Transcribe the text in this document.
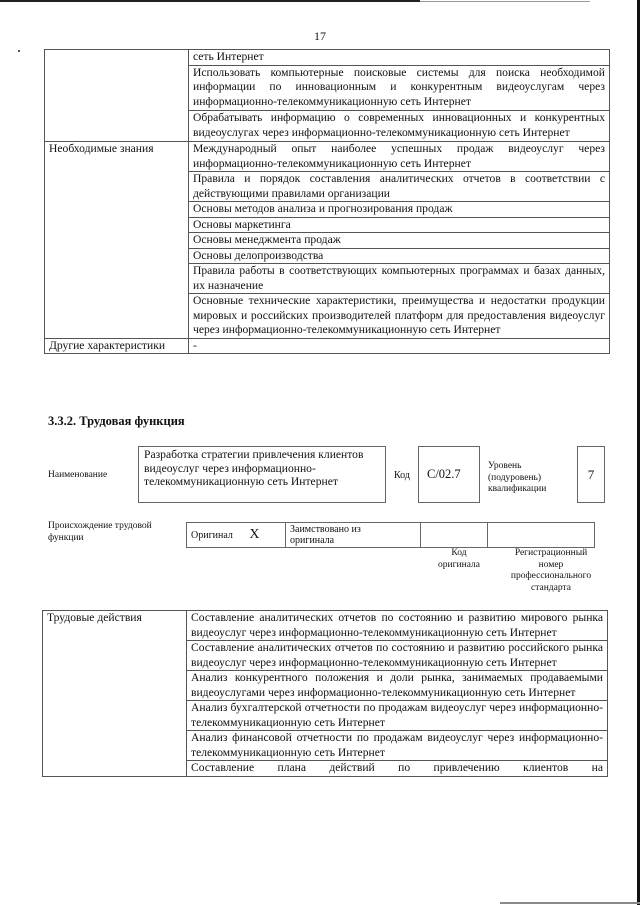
17
	сеть Интернет
	Использовать компьютерные поисковые системы для поиска необходимой информации по инновационным и конкурентным видеоуслугам через информационно-телекоммуникационную сеть Интернет
	Обрабатывать информацию о современных инновационных и конкурентных видеоуслугах через информационно-телекоммуникационную сеть Интернет
Необходимые знания	Международный опыт наиболее успешных продаж видеоуслуг через информационно-телекоммуникационную сеть Интернет
	Правила и порядок составления аналитических отчетов в соответствии с действующими правилами организации
	Основы методов анализа и прогнозирования продаж
	Основы маркетинга
	Основы менеджмента продаж
	Основы делопроизводства
	Правила работы в соответствующих компьютерных программах и базах данных, их назначение
	Основные технические характеристики, преимущества и недостатки продукции мировых и российских производителей платформ для предоставления видеоуслуг через информационно-телекоммуникационную сеть Интернет
Другие характеристики	-
3.3.2. Трудовая функция
Наименование
Разработка стратегии привлечения клиентов видеоуслуг через информационно-телекоммуникационную сеть Интернет	Код С/02.7
Уровень
(подуровень)
квалификации
7
Происхождение трудовой
функции	Оригинал X	Заимствовано из
оригинала

Код
оригинала
Регистрационный
номер
профессионального
стандарта
Трудовые действия	Составление аналитических отчетов по состоянию и развитию мирового рынка видеоуслуг через информационно-телекоммуникационную сеть Интернет
Составление аналитических отчетов по состоянию и развитию российского рынка видеоуслуг через информационно-телекоммуникационную сеть Интернет
Анализ конкурентного положения и доли рынка, занимаемых продаваемыми видеоуслугами через информационно-телекоммуникационную сеть Интернет
Анализ бухгалтерской отчетности по продажам видеоуслуг через информационно-телекоммуникационную сеть Интернет
Анализ финансовой отчетности по продажам видеоуслуг через информационно-телекоммуникационную сеть Интернет
Составление плана действий по привлечению клиентов на
